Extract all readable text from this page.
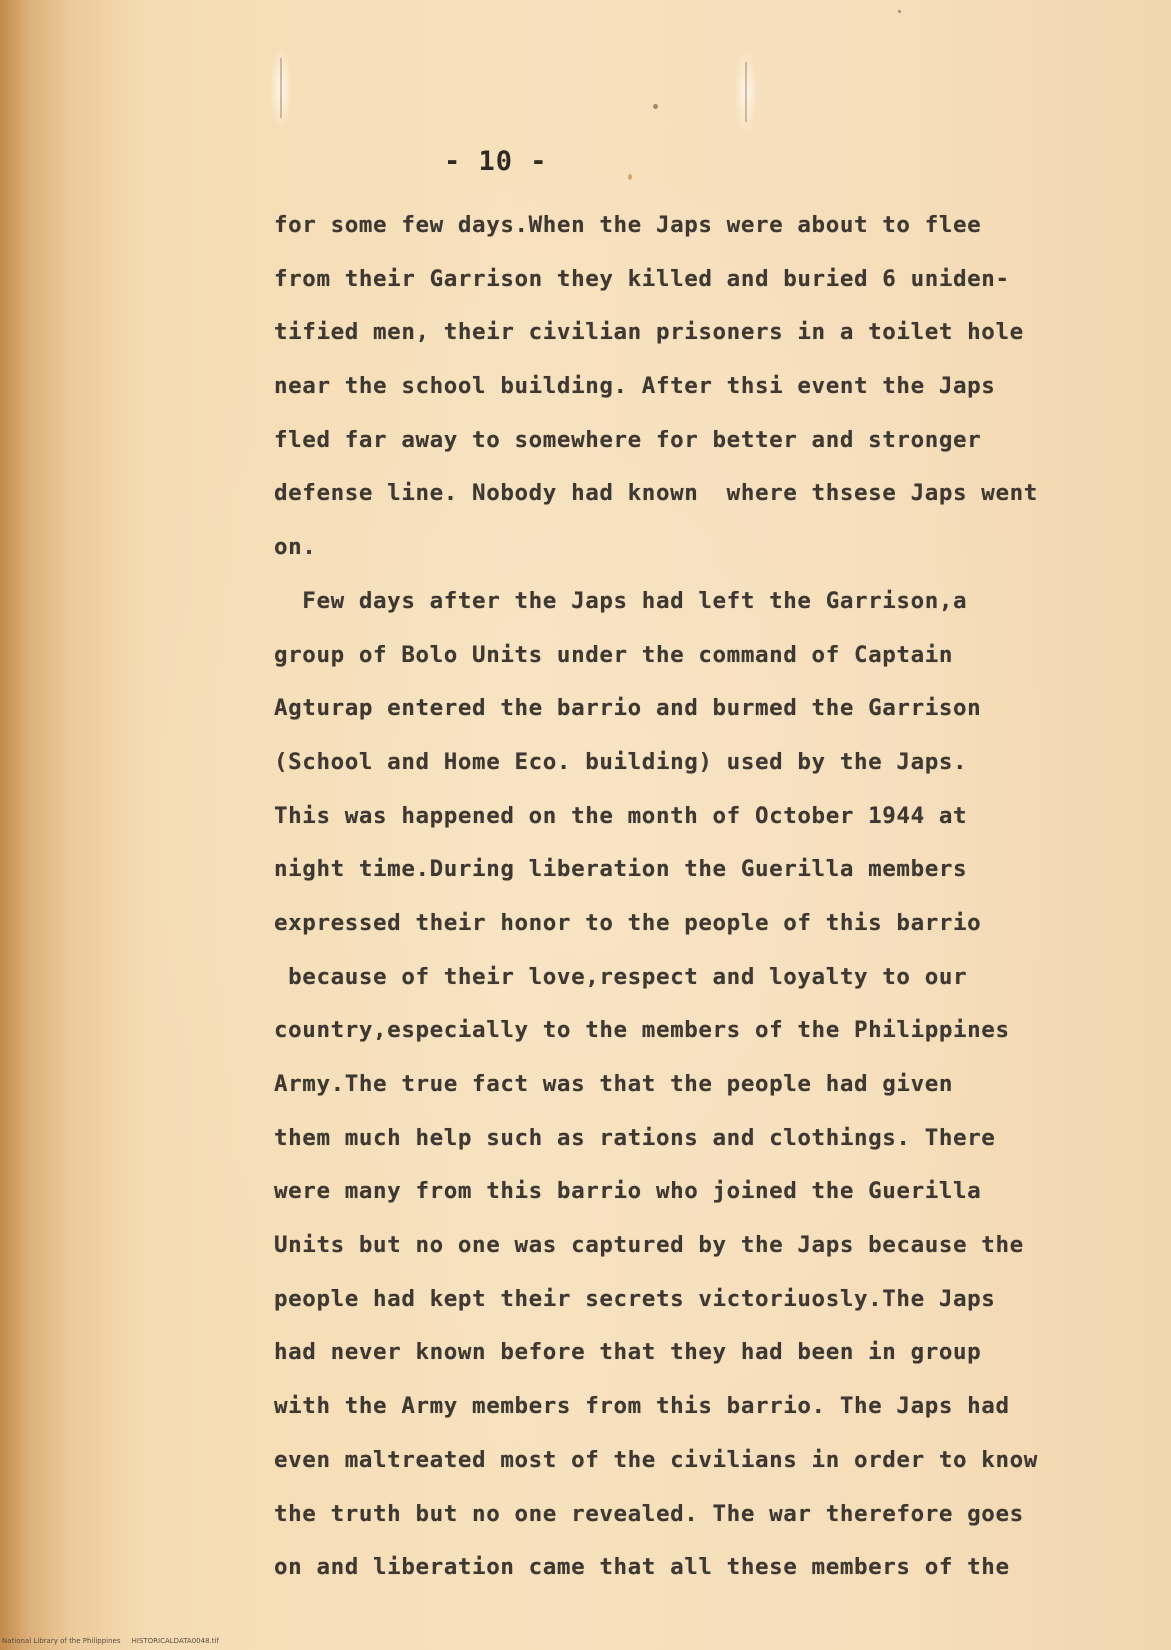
- 10 -
for some few days.When the Japs were about to flee
from their Garrison they killed and buried 6 uniden-
tified men, their civilian prisoners in a toilet hole
near the school building. After thsi event the Japs
fled far away to somewhere for better and stronger
defense line. Nobody had known  where thsese Japs went
on.
Few days after the Japs had left the Garrison,a
group of Bolo Units under the command of Captain
Agturap entered the barrio and burmed the Garrison
(School and Home Eco. building) used by the Japs.
This was happened on the month of October 1944 at
night time.During liberation the Guerilla members
expressed their honor to the people of this barrio
because of their love,respect and loyalty to our
country,especially to the members of the Philippines
Army.The true fact was that the people had given
them much help such as rations and clothings. There
were many from this barrio who joined the Guerilla
Units but no one was captured by the Japs because the
people had kept their secrets victoriuosly.The Japs
had never known before that they had been in group
with the Army members from this barrio. The Japs had
even maltreated most of the civilians in order to know
the truth but no one revealed. The war therefore goes
on and liberation came that all these members of the
National Library of the Philippines     HISTORICALDATA0048.tif
